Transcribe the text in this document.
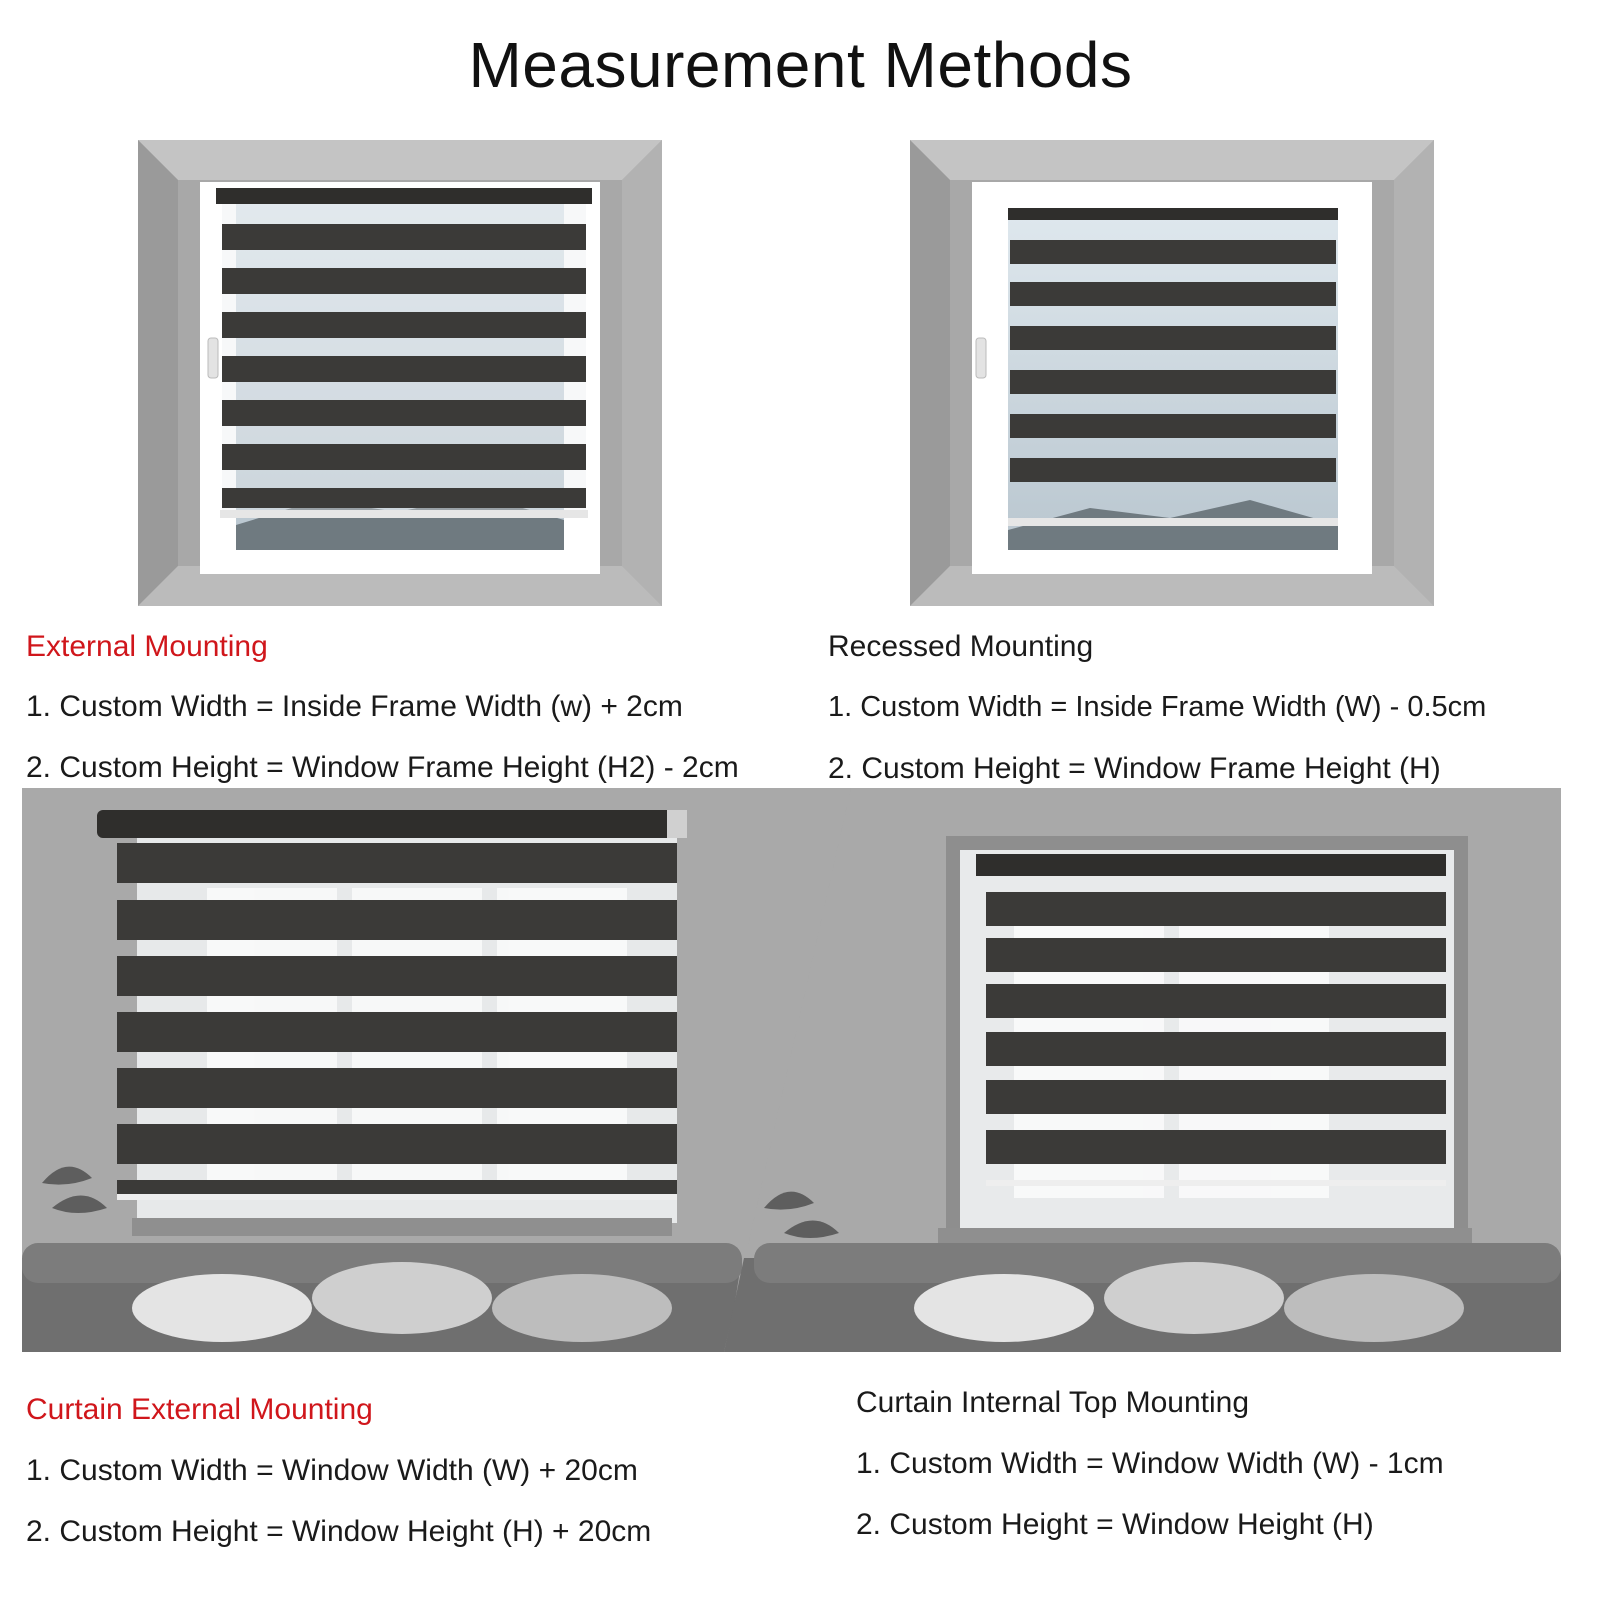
Measurement Methods
External Mounting
1. Custom Width = Inside Frame Width (w) + 2cm
2. Custom Height = Window Frame Height (H2) - 2cm
Recessed Mounting
1. Custom Width = Inside Frame Width (W) - 0.5cm
2. Custom Height = Window Frame Height (H)
Curtain External Mounting
1. Custom Width = Window Width (W) + 20cm
2. Custom Height = Window Height (H) + 20cm
Curtain Internal Top Mounting
1. Custom Width = Window Width (W) - 1cm
2. Custom Height = Window Height (H)
